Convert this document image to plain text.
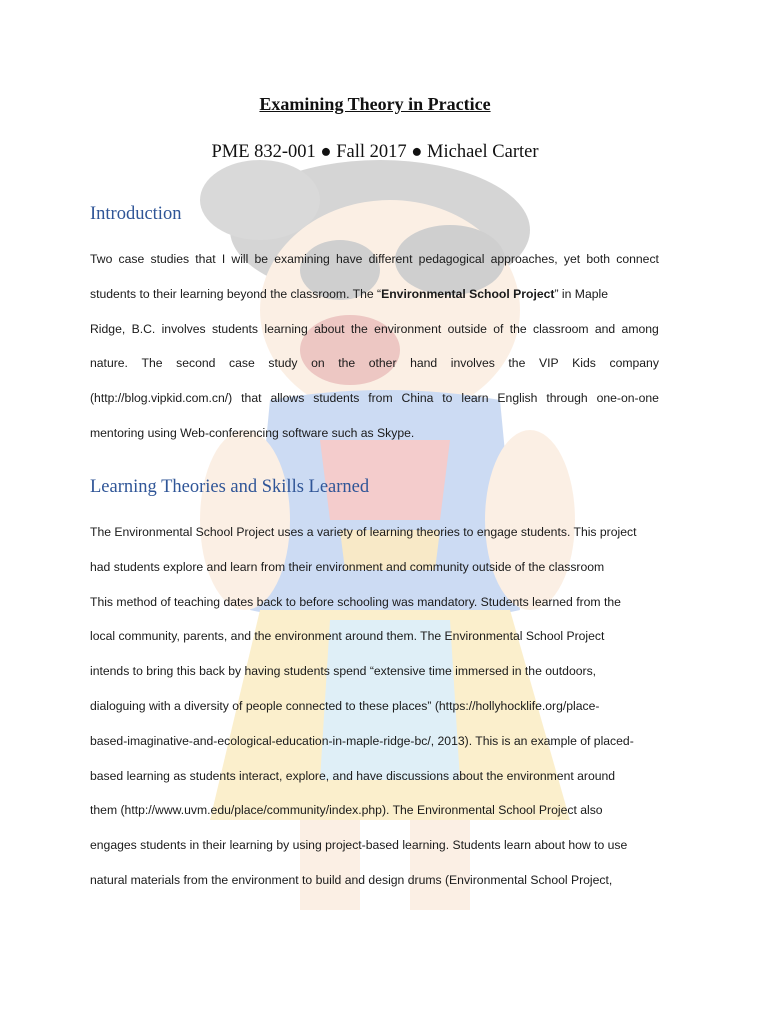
Examining Theory in Practice
PME 832-001 ● Fall 2017 ● Michael Carter
Introduction
Two case studies that I will be examining have different pedagogical approaches, yet both connect
students to their learning beyond the classroom. The “Environmental School Project” in Maple
Ridge, B.C. involves students learning about the environment outside of the classroom and among
nature. The second case study on the other hand involves the VIP Kids company
(http://blog.vipkid.com.cn/) that allows students from China to learn English through one-on-one
mentoring using Web-conferencing software such as Skype.
Learning Theories and Skills Learned
The Environmental School Project uses a variety of learning theories to engage students. This project
had students explore and learn from their environment and community outside of the classroom
This method of teaching dates back to before schooling was mandatory. Students learned from the
local community, parents, and the environment around them. The Environmental School Project
intends to bring this back by having students spend “extensive time immersed in the outdoors,
dialoguing with a diversity of people connected to these places” (https://hollyhocklife.org/place-
based-imaginative-and-ecological-education-in-maple-ridge-bc/, 2013). This is an example of placed-
based learning as students interact, explore, and have discussions about the environment around
them (http://www.uvm.edu/place/community/index.php). The Environmental School Project also
engages students in their learning by using project-based learning. Students learn about how to use
natural materials from the environment to build and design drums (Environmental School Project,
